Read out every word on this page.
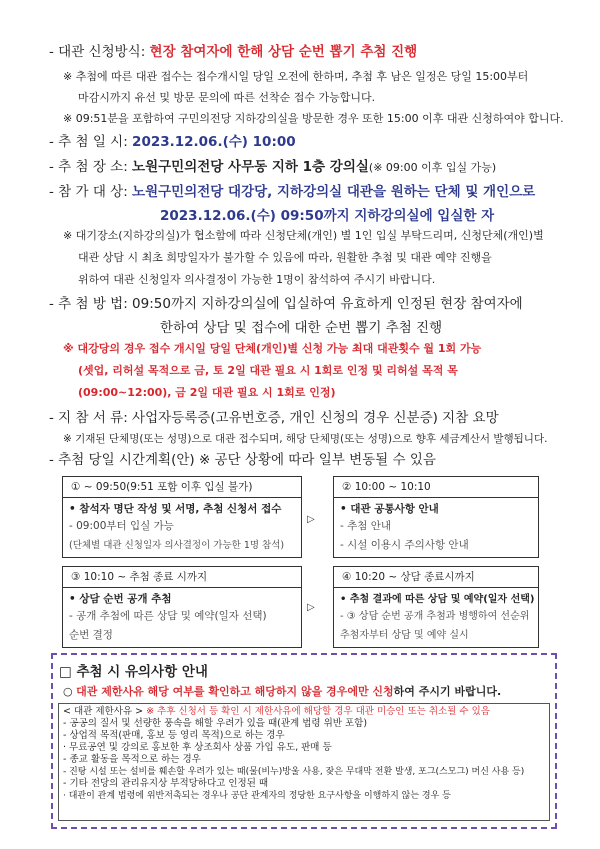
- 대관 신청방식: 현장 참여자에 한해 상담 순번 뽑기 추첨 진행
※ 추첨에 따른 대관 접수는 접수개시일 당일 오전에 한하며, 추첨 후 남은 일정은 당일 15:00부터
마감시까지 유선 및 방문 문의에 따른 선착순 접수 가능합니다.
※ 09:51분을 포함하여 구민의전당 지하강의실을 방문한 경우 또한 15:00 이후 대관 신청하여야 합니다.
- 추 첨 일 시: 2023.12.06.(수) 10:00
- 추 첨 장 소: 노원구민의전당 사무동 지하 1층 강의실(※ 09:00 이후 입실 가능)
- 참 가 대 상: 노원구민의전당 대강당, 지하강의실 대관을 원하는 단체 및 개인으로
2023.12.06.(수) 09:50까지 지하강의실에 입실한 자
※ 대기장소(지하강의실)가 협소함에 따라 신청단체(개인) 별 1인 입실 부탁드리며, 신청단체(개인)별
대관 상담 시 최초 희망일자가 불가할 수 있음에 따라, 원활한 추첨 및 대관 예약 진행을
위하여 대관 신청일자 의사결정이 가능한 1명이 참석하여 주시기 바랍니다.
- 추 첨 방 법: 09:50까지 지하강의실에 입실하여 유효하게 인정된 현장 참여자에
한하여 상담 및 접수에 대한 순번 뽑기 추첨 진행
※ 대강당의 경우 접수 개시일 당일 단체(개인)별 신청 가능 최대 대관횟수 월 1회 가능
(셋업, 리허설 목적으로 금, 토 2일 대관 필요 시 1회로 인정 및 리허설 목적 목
(09:00~12:00), 금 2일 대관 필요 시 1회로 인정)
- 지 참 서 류: 사업자등록증(고유번호증, 개인 신청의 경우 신분증) 지참 요망
※ 기재된 단체명(또는 성명)으로 대관 접수되며, 해당 단체명(또는 성명)으로 향후 세금계산서 발행됩니다.
- 추첨 당일 시간계획(안) ※ 공단 상황에 따라 일부 변동될 수 있음
① ~ 09:50(9:51 포함 이후 입실 불가)
• 참석자 명단 작성 및 서명, 추첨 신청서 접수
- 09:00부터 입실 가능
(단체별 대관 신청일자 의사결정이 가능한 1명 참석)
▷
② 10:00 ~ 10:10
• 대관 공통사항 안내
- 추첨 안내
- 시설 이용시 주의사항 안내
③ 10:10 ~ 추첨 종료 시까지
• 상담 순번 공개 추첨
- 공개 추첨에 따른 상담 및 예약(일자 선택)
순번 결정
▷
④ 10:20 ~ 상담 종료시까지
• 추첨 결과에 따른 상담 및 예약(일자 선택)
- ③ 상담 순번 공개 추첨과 병행하여 선순위
추첨자부터 상담 및 예약 실시
□ 추첨 시 유의사항 안내
○ 대관 제한사유 해당 여부를 확인하고 해당하지 않을 경우에만 신청하여 주시기 바랍니다.
< 대관 제한사유 > ※ 추후 신청서 등 확인 시 제한사유에 해당할 경우 대관 미승인 또는 취소될 수 있음
- 공공의 질서 및 선량한 풍속을 해할 우려가 있을 때(관계 법령 위반 포함)
- 상업적 목적(판매, 홍보 등 영리 목적)으로 하는 경우
· 무료공연 및 강의로 홍보한 후 상조회사 상품 가입 유도, 판매 등
- 종교 활동을 목적으로 하는 경우
- 진탕 시설 또는 설비를 훼손할 우려가 있는 때(물(비누)방울 사용, 잦은 무대막 전환 발생, 포그(스모그) 머신 사용 등)
- 기타 전당의 관리유지상 부적당하다고 인정된 때
· 대관이 관계 법령에 위반저촉되는 경우나 공단 관계자의 정당한 요구사항을 이행하지 않는 경우 등
